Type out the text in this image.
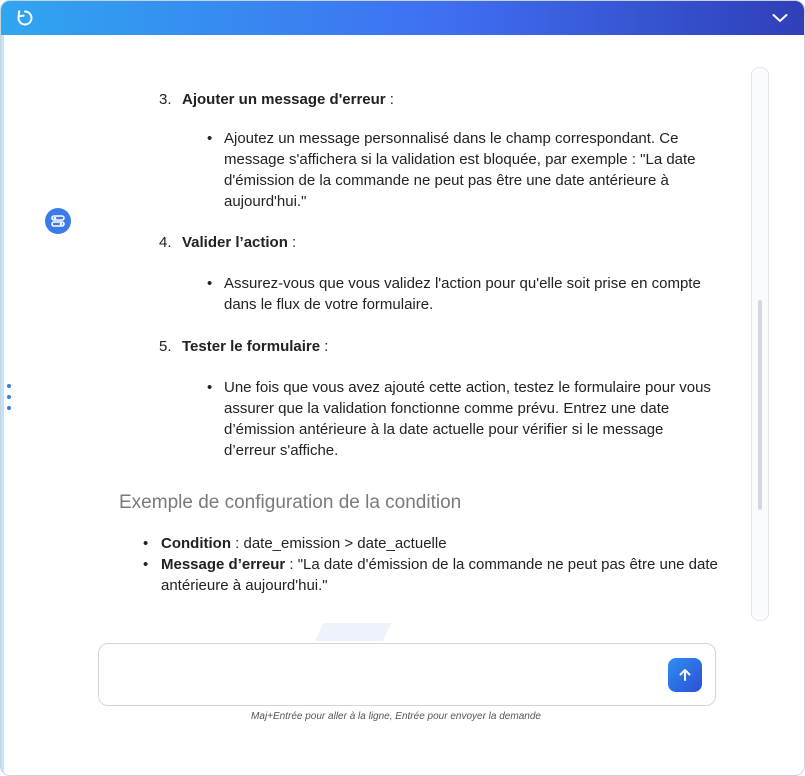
3. Ajouter un message d'erreur :

• Ajoutez un message personnalisé dans le champ correspondant. Ce message s'affichera si la validation est bloquée, par exemple : "La date d'émission de la commande ne peut pas être une date antérieure à aujourd'hui."

4. Valider l’action :

• Assurez-vous que vous validez l'action pour qu'elle soit prise en compte dans le flux de votre formulaire.

5. Tester le formulaire :

• Une fois que vous avez ajouté cette action, testez le formulaire pour vous assurer que la validation fonctionne comme prévu. Entrez une date d’émission antérieure à la date actuelle pour vérifier si le message d’erreur s'affiche.

Exemple de configuration de la condition

• Condition : date_emission > date_actuelle

• Message d’erreur : "La date d'émission de la commande ne peut pas être une date antérieure à aujourd'hui."

Maj+Entrée pour aller à la ligne, Entrée pour envoyer la demande
